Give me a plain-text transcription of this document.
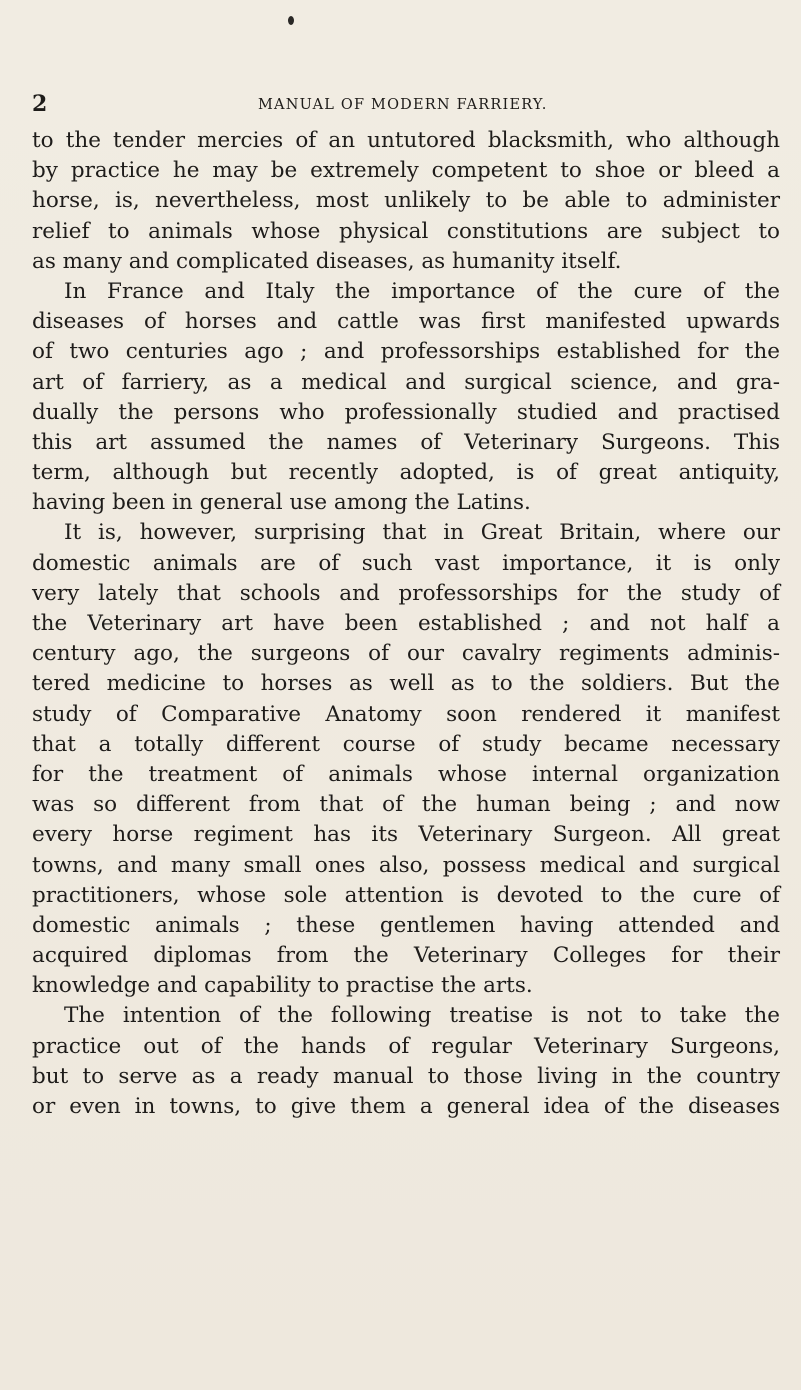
2	MANUAL OF MODERN FARRIERY.
to the tender mercies of an untutored blacksmith, who although
by practice he may be extremely competent to shoe or bleed a
horse, is, nevertheless, most unlikely to be able to administer
relief to animals whose physical constitutions are subject to
as many and complicated diseases, as humanity itself.
In France and Italy the importance of the cure of the
diseases of horses and cattle was first manifested upwards
of two centuries ago ; and professorships established for the
art of farriery, as a medical and surgical science, and gra-
dually the persons who professionally studied and practised
this art assumed the names of Veterinary Surgeons. This
term, although but recently adopted, is of great antiquity,
having been in general use among the Latins.
It is, however, surprising that in Great Britain, where our
domestic animals are of such vast importance, it is only
very lately that schools and professorships for the study of
the Veterinary art have been established ; and not half a
century ago, the surgeons of our cavalry regiments adminis-
tered medicine to horses as well as to the soldiers. But the
study of Comparative Anatomy soon rendered it manifest
that a totally different course of study became necessary
for the treatment of animals whose internal organization
was so different from that of the human being ; and now
every horse regiment has its Veterinary Surgeon. All great
towns, and many small ones also, possess medical and surgical
practitioners, whose sole attention is devoted to the cure of
domestic animals ; these gentlemen having attended and
acquired diplomas from the Veterinary Colleges for their
knowledge and capability to practise the arts.
The intention of the following treatise is not to take the
practice out of the hands of regular Veterinary Surgeons,
but to serve as a ready manual to those living in the country
or even in towns, to give them a general idea of the diseases
